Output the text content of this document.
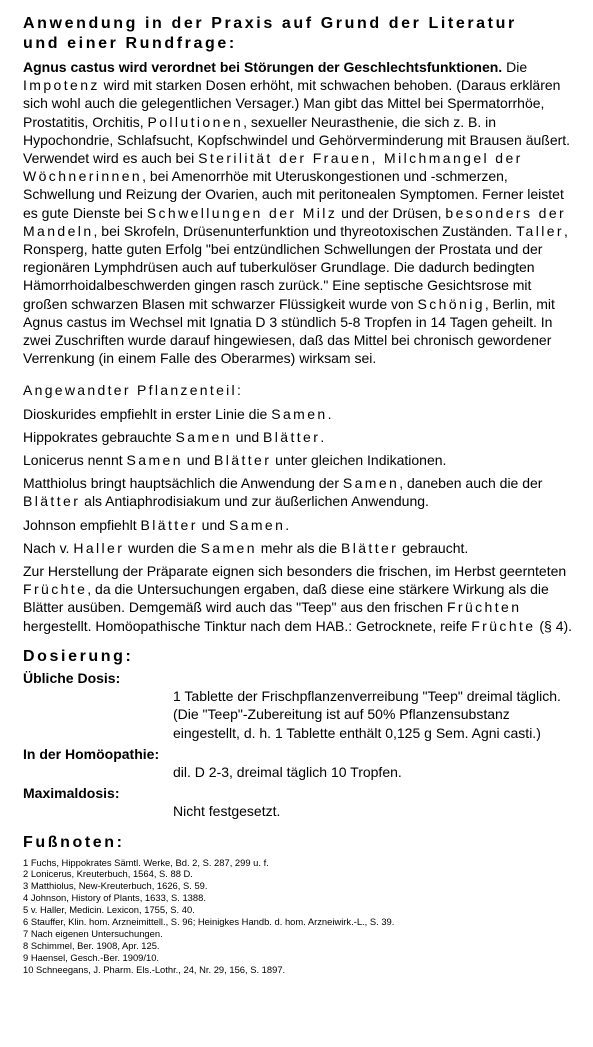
Anwendung in der Praxis auf Grund der Literatur
und einer Rundfrage:

Agnus castus wird verordnet bei Störungen der Geschlechtsfunktionen. Die Impotenz wird mit starken Dosen erhöht, mit schwachen behoben. (Daraus erklären sich wohl auch die gelegentlichen Versager.) Man gibt das Mittel bei Spermatorrhöe, Prostatitis, Orchitis, Pollutionen, sexueller Neurasthenie, die sich z. B. in Hypochondrie, Schlafsucht, Kopfschwindel und Gehörverminderung mit Brausen äußert. Verwendet wird es auch bei Sterilität der Frauen, Milchmangel der Wöchnerinnen, bei Amenorrhöe mit Uteruskongestionen und -schmerzen, Schwellung und Reizung der Ovarien, auch mit peritonealen Symptomen. Ferner leistet es gute Dienste bei Schwellungen der Milz und der Drüsen, besonders der Mandeln, bei Skrofeln, Drüsenunterfunktion und thyreotoxischen Zuständen. Taller, Ronsperg, hatte guten Erfolg "bei entzündlichen Schwellungen der Prostata und der regionären Lymphdrüsen auch auf tuberkulöser Grundlage. Die dadurch bedingten Hämorrhoidalbeschwerden gingen rasch zurück." Eine septische Gesichtsrose mit großen schwarzen Blasen mit schwarzer Flüssigkeit wurde von Schönig, Berlin, mit Agnus castus im Wechsel mit Ignatia D 3 stündlich 5-8 Tropfen in 14 Tagen geheilt. In zwei Zuschriften wurde darauf hingewiesen, daß das Mittel bei chronisch gewordener Verrenkung (in einem Falle des Oberarmes) wirksam sei.

Angewandter Pflanzenteil:
Dioskurides empfiehlt in erster Linie die Samen.
Hippokrates gebrauchte Samen und Blätter.
Lonicerus nennt Samen und Blätter unter gleichen Indikationen.
Matthiolus bringt hauptsächlich die Anwendung der Samen, daneben auch die der Blätter als Antiaphrodisiakum und zur äußerlichen Anwendung.
Johnson empfiehlt Blätter und Samen.
Nach v. Haller wurden die Samen mehr als die Blätter gebraucht.
Zur Herstellung der Präparate eignen sich besonders die frischen, im Herbst geernteten Früchte, da die Untersuchungen ergaben, daß diese eine stärkere Wirkung als die Blätter ausüben. Demgemäß wird auch das "Teep" aus den frischen Früchten hergestellt. Homöopathische Tinktur nach dem HAB.: Getrocknete, reife Früchte (§ 4).
Dosierung:
Übliche Dosis:
1 Tablette der Frischpflanzenverreibung "Teep" dreimal täglich. (Die "Teep"-Zubereitung ist auf 50% Pflanzensubstanz eingestellt, d. h. 1 Tablette enthält 0,125 g Sem. Agni casti.)
In der Homöopathie:
dil. D 2-3, dreimal täglich 10 Tropfen.
Maximaldosis:
Nicht festgesetzt.
Fußnoten:
1 Fuchs, Hippokrates Sämtl. Werke, Bd. 2, S. 287, 299 u. f.
2 Lonicerus, Kreuterbuch, 1564, S. 88 D.
3 Matthiolus, New-Kreuterbuch, 1626, S. 59.
4 Johnson, History of Plants, 1633, S. 1388.
5 v. Haller, Medicin. Lexicon, 1755, S. 40.
6 Stauffer, Klin. hom. Arzneimittell., S. 96; Heinigkes Handb. d. hom. Arzneiwirk.-L., S. 39.
7 Nach eigenen Untersuchungen.
8 Schimmel, Ber. 1908, Apr. 125.
9 Haensel, Gesch.-Ber. 1909/10.
10 Schneegans, J. Pharm. Els.-Lothr., 24, Nr. 29, 156, S. 1897.
